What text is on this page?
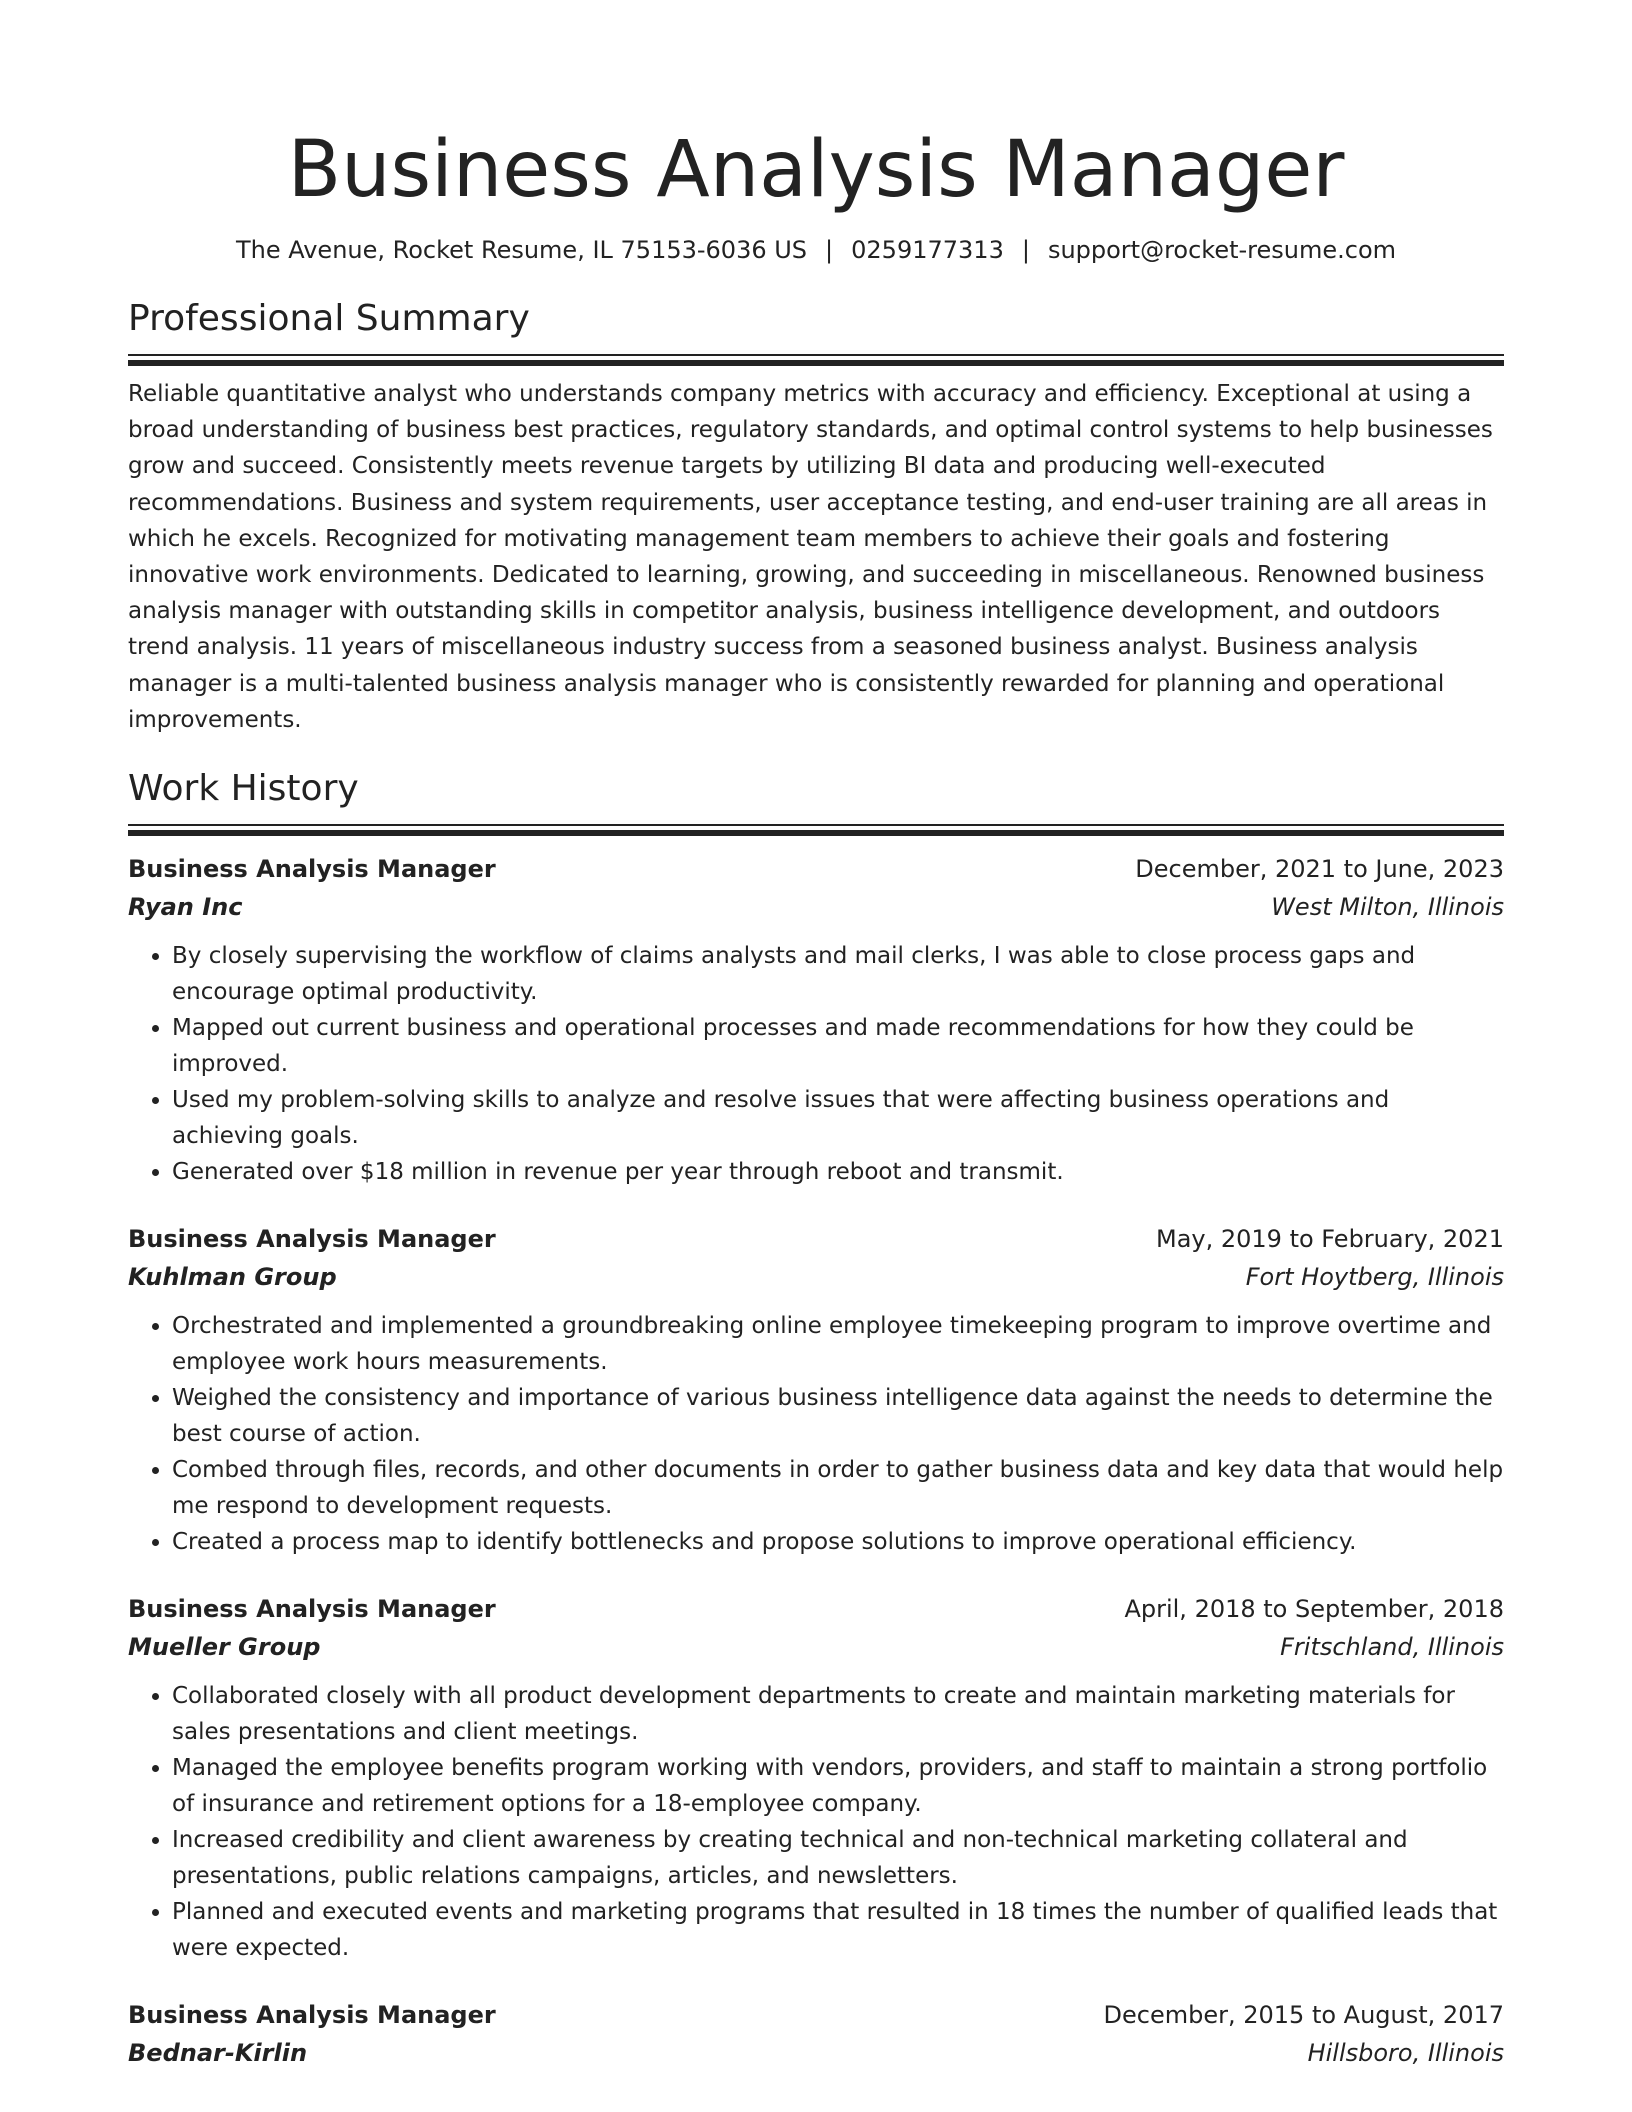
Business Analysis Manager
The Avenue, Rocket Resume, IL 75153-6036 US | 0259177313 | support@rocket-resume.com
Professional Summary

Reliable quantitative analyst who understands company metrics with accuracy and efficiency. Exceptional at using a broad understanding of business best practices, regulatory standards, and optimal control systems to help businesses grow and succeed. Consistently meets revenue targets by utilizing BI data and producing well-executed recommendations. Business and system requirements, user acceptance testing, and end-user training are all areas in which he excels. Recognized for motivating management team members to achieve their goals and fostering innovative work environments. Dedicated to learning, growing, and succeeding in miscellaneous. Renowned business analysis manager with outstanding skills in competitor analysis, business intelligence development, and outdoors trend analysis. 11 years of miscellaneous industry success from a seasoned business analyst. Business analysis manager is a multi-talented business analysis manager who is consistently rewarded for planning and operational improvements.

Work History
Business Analysis Manager	December, 2021 to June, 2023
Ryan Inc	West Milton, Illinois
• By closely supervising the workflow of claims analysts and mail clerks, I was able to close process gaps and encourage optimal productivity.
• Mapped out current business and operational processes and made recommendations for how they could be improved.
• Used my problem-solving skills to analyze and resolve issues that were affecting business operations and achieving goals.
• Generated over $18 million in revenue per year through reboot and transmit.
Business Analysis Manager	May, 2019 to February, 2021
Kuhlman Group	Fort Hoytberg, Illinois
• Orchestrated and implemented a groundbreaking online employee timekeeping program to improve overtime and employee work hours measurements.
• Weighed the consistency and importance of various business intelligence data against the needs to determine the best course of action.
• Combed through files, records, and other documents in order to gather business data and key data that would help me respond to development requests.
• Created a process map to identify bottlenecks and propose solutions to improve operational efficiency.
Business Analysis Manager	April, 2018 to September, 2018
Mueller Group	Fritschland, Illinois
• Collaborated closely with all product development departments to create and maintain marketing materials for sales presentations and client meetings.
• Managed the employee benefits program working with vendors, providers, and staff to maintain a strong portfolio of insurance and retirement options for a 18-employee company.
• Increased credibility and client awareness by creating technical and non-technical marketing collateral and presentations, public relations campaigns, articles, and newsletters.
• Planned and executed events and marketing programs that resulted in 18 times the number of qualified leads that were expected.
Business Analysis Manager	December, 2015 to August, 2017
Bednar-Kirlin	Hillsboro, Illinois
